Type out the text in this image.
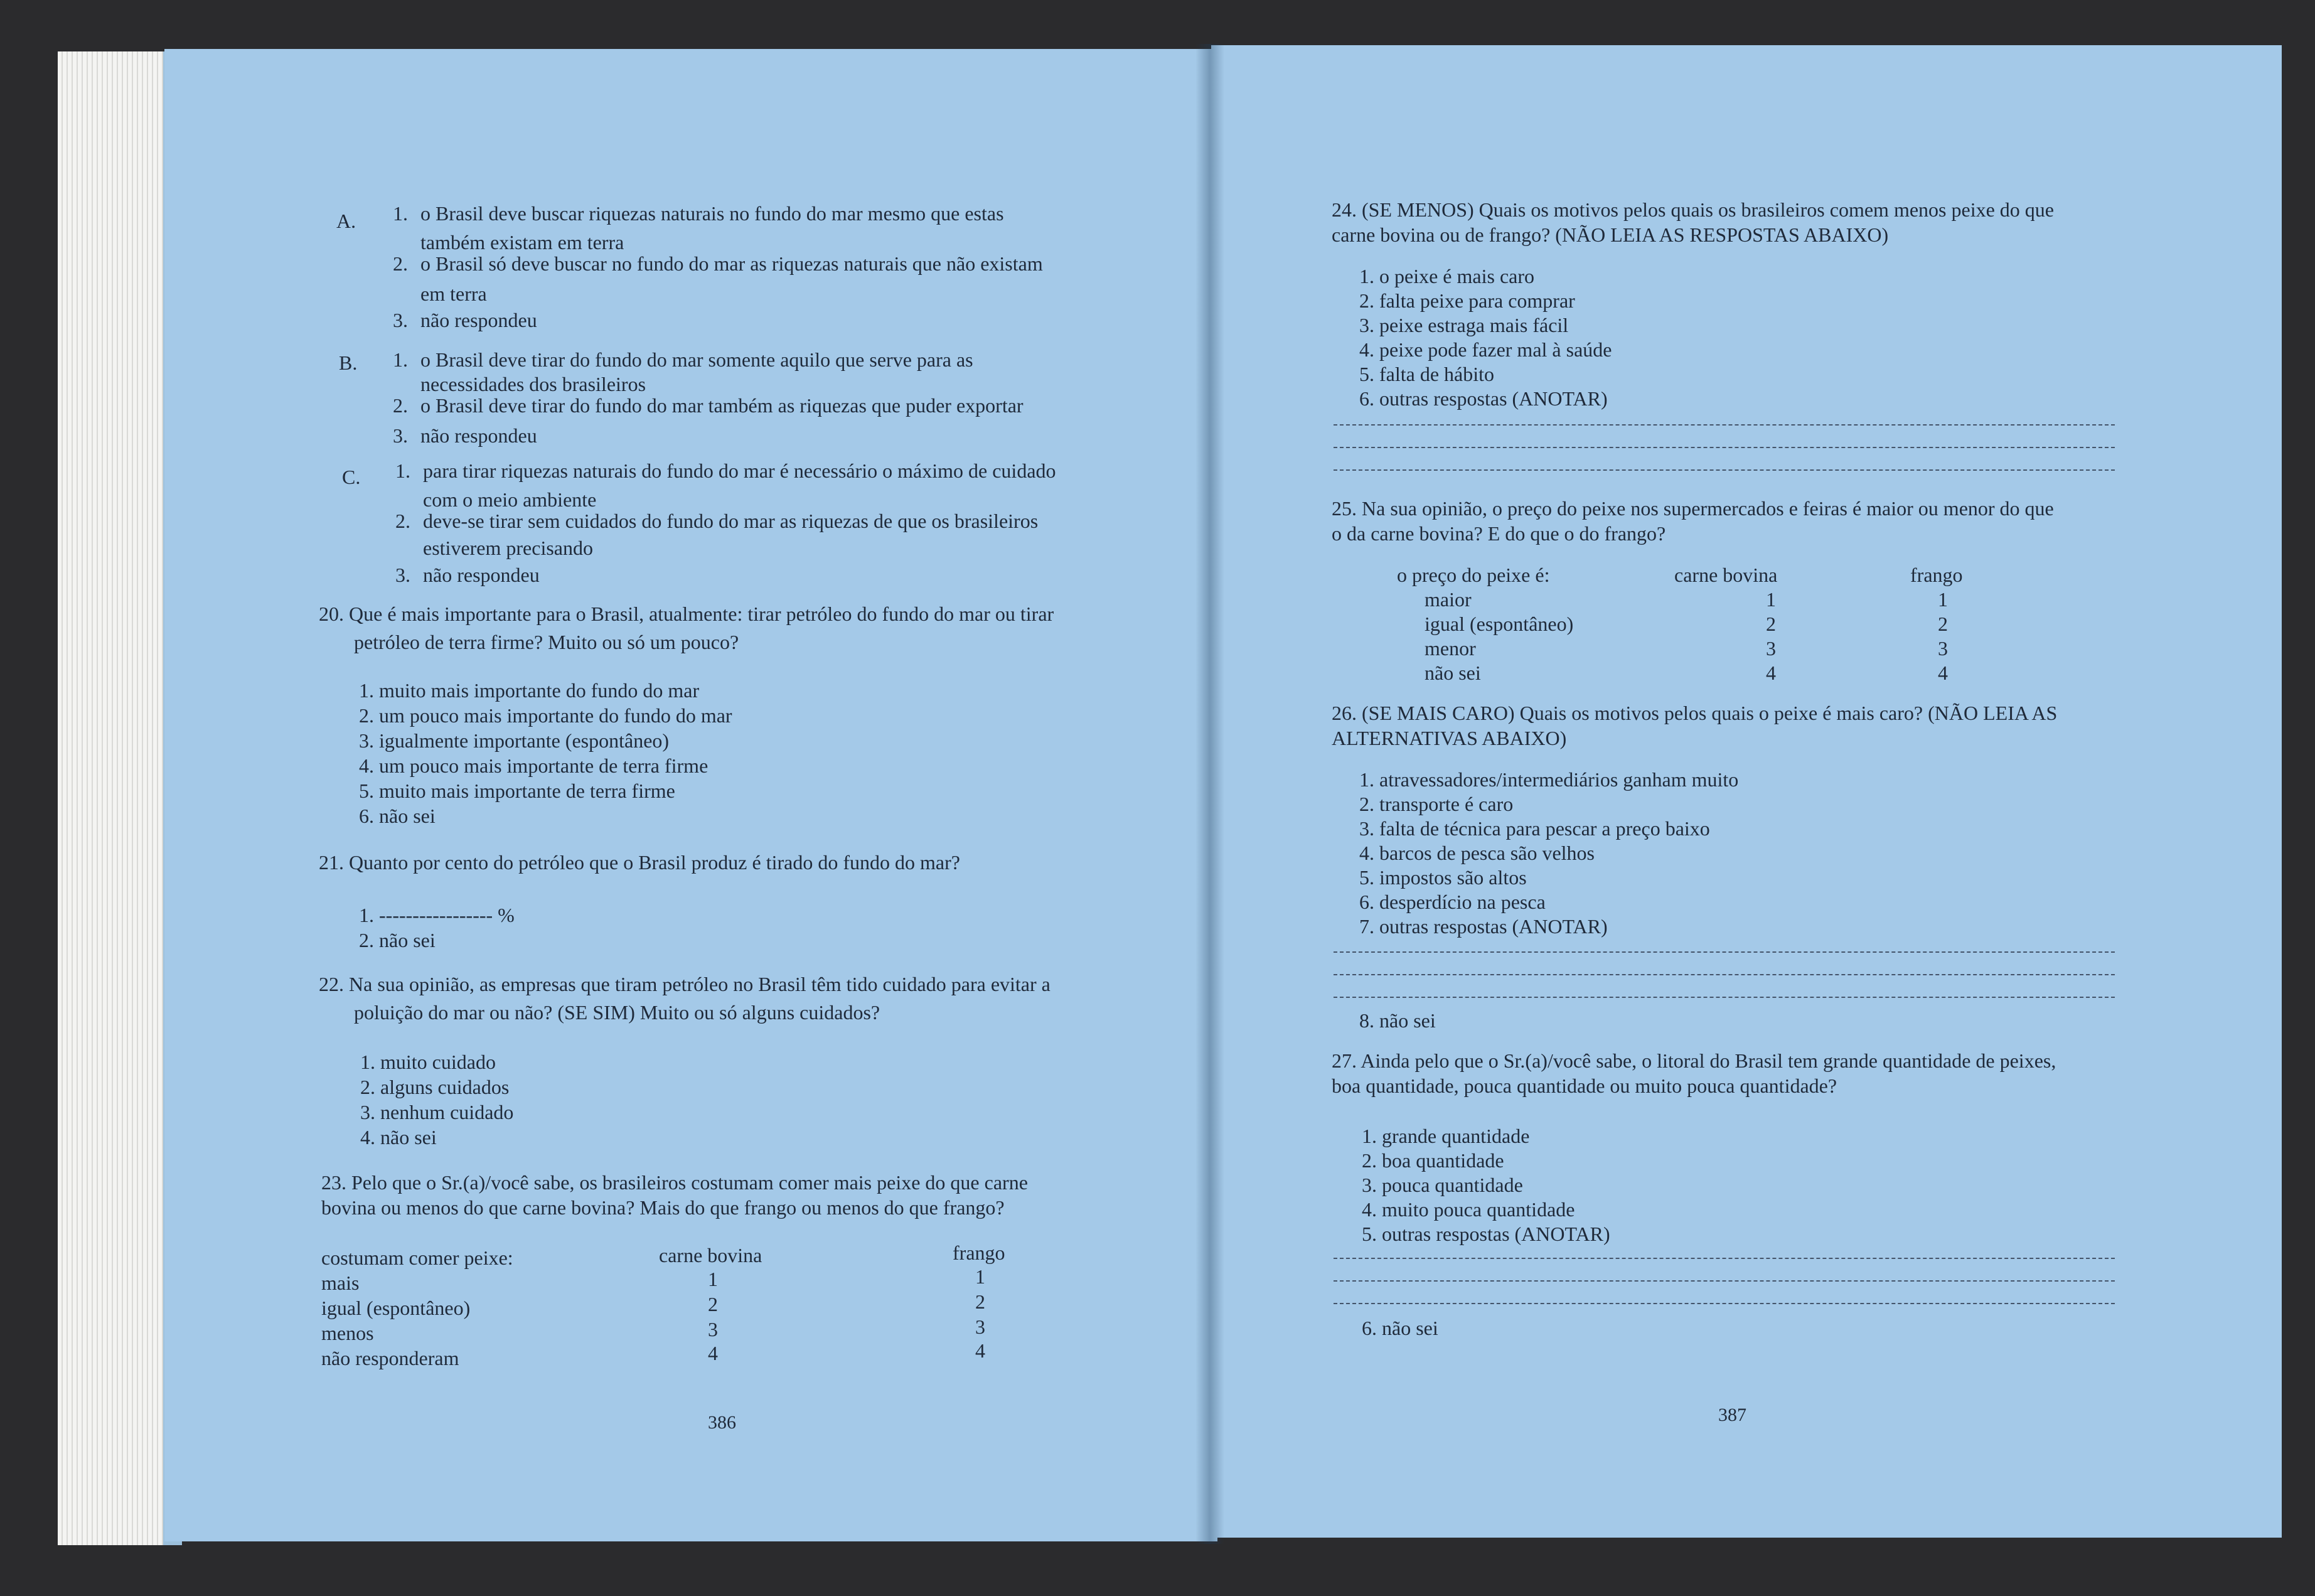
A. 1. o Brasil deve buscar riquezas naturais no fundo do mar mesmo que estas
também existam em terra
2. o Brasil só deve buscar no fundo do mar as riquezas naturais que não existam
em terra
3. não respondeu
B. 1. o Brasil deve tirar do fundo do mar somente aquilo que serve para as
necessidades dos brasileiros
2. o Brasil deve tirar do fundo do mar também as riquezas que puder exportar
3. não respondeu
C. 1. para tirar riquezas naturais do fundo do mar é necessário o máximo de cuidado
com o meio ambiente
2. deve-se tirar sem cuidados do fundo do mar as riquezas de que os brasileiros
estiverem precisando
3. não respondeu
20. Que é mais importante para o Brasil, atualmente: tirar petróleo do fundo do mar ou tirar
petróleo de terra firme? Muito ou só um pouco?
1. muito mais importante do fundo do mar
2. um pouco mais importante do fundo do mar
3. igualmente importante (espontâneo)
4. um pouco mais importante de terra firme
5. muito mais importante de terra firme
6. não sei
21. Quanto por cento do petróleo que o Brasil produz é tirado do fundo do mar?
1. ----------------- %
2. não sei
22. Na sua opinião, as empresas que tiram petróleo no Brasil têm tido cuidado para evitar a
poluição do mar ou não? (SE SIM) Muito ou só alguns cuidados?
1. muito cuidado
2. alguns cuidados
3. nenhum cuidado
4. não sei
23. Pelo que o Sr.(a)/você sabe, os brasileiros costumam comer mais peixe do que carne
bovina ou menos do que carne bovina? Mais do que frango ou menos do que frango?
costumam comer peixe:	carne bovina	frango
mais	1	1
igual (espontâneo)	2	2
menos	3	3
não responderam	4	4
386
24. (SE MENOS) Quais os motivos pelos quais os brasileiros comem menos peixe do que
carne bovina ou de frango? (NÃO LEIA AS RESPOSTAS ABAIXO)
1. o peixe é mais caro
2. falta peixe para comprar
3. peixe estraga mais fácil
4. peixe pode fazer mal à saúde
5. falta de hábito
6. outras respostas (ANOTAR)
25. Na sua opinião, o preço do peixe nos supermercados e feiras é maior ou menor do que
o da carne bovina? E do que o do frango?
o preço do peixe é:	carne bovina	frango
maior	1	1
igual (espontâneo)	2	2
menor	3	3
não sei	4	4
26. (SE MAIS CARO) Quais os motivos pelos quais o peixe é mais caro? (NÃO LEIA AS
ALTERNATIVAS ABAIXO)
1. atravessadores/intermediários ganham muito
2. transporte é caro
3. falta de técnica para pescar a preço baixo
4. barcos de pesca são velhos
5. impostos são altos
6. desperdício na pesca
7. outras respostas (ANOTAR)
8. não sei
27. Ainda pelo que o Sr.(a)/você sabe, o litoral do Brasil tem grande quantidade de peixes,
boa quantidade, pouca quantidade ou muito pouca quantidade?
1. grande quantidade
2. boa quantidade
3. pouca quantidade
4. muito pouca quantidade
5. outras respostas (ANOTAR)
6. não sei
387
